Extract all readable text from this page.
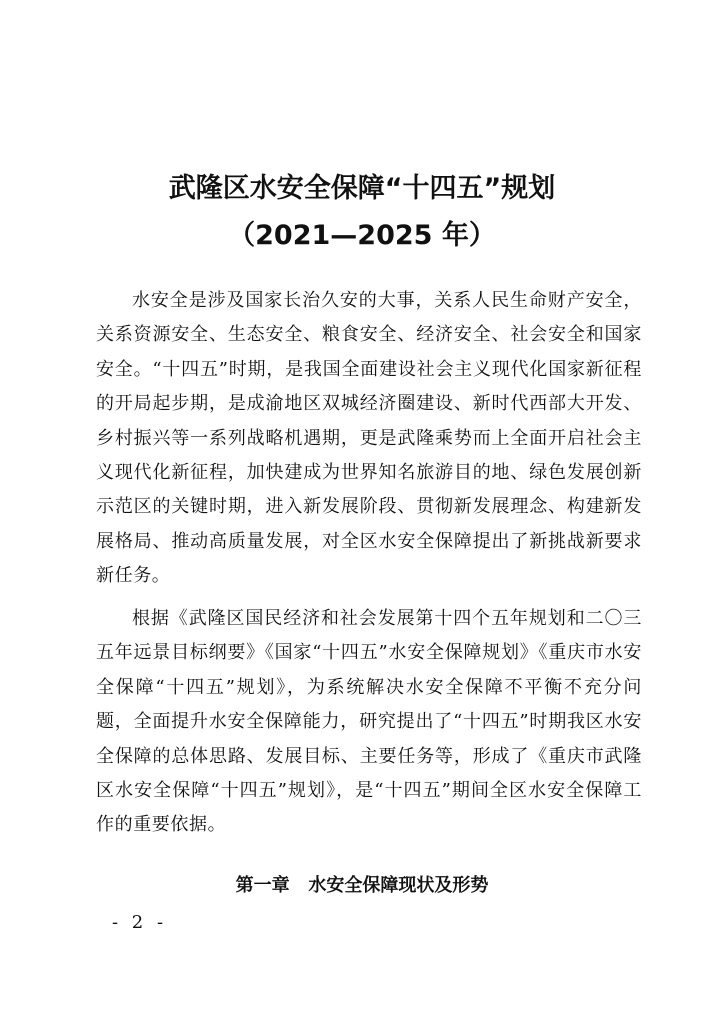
武隆区水安全保障“十四五”规划
（2021—2025 年）

水安全是涉及国家长治久安的大事，关系人民生命财产安全，关系资源安全、生态安全、粮食安全、经济安全、社会安全和国家安全。“十四五”时期，是我国全面建设社会主义现代化国家新征程的开局起步期，是成渝地区双城经济圈建设、新时代西部大开发、乡村振兴等一系列战略机遇期，更是武隆乘势而上全面开启社会主义现代化新征程，加快建成为世界知名旅游目的地、绿色发展创新示范区的关键时期，进入新发展阶段、贯彻新发展理念、构建新发展格局、推动高质量发展，对全区水安全保障提出了新挑战新要求新任务。

根据《武隆区国民经济和社会发展第十四个五年规划和二〇三五年远景目标纲要》《国家“十四五”水安全保障规划》《重庆市水安全保障“十四五”规划》，为系统解决水安全保障不平衡不充分问题，全面提升水安全保障能力，研究提出了“十四五”时期我区水安全保障的总体思路、发展目标、主要任务等，形成了《重庆市武隆区水安全保障“十四五”规划》，是“十四五”期间全区水安全保障工作的重要依据。

第一章   水安全保障现状及形势
- 2 -
